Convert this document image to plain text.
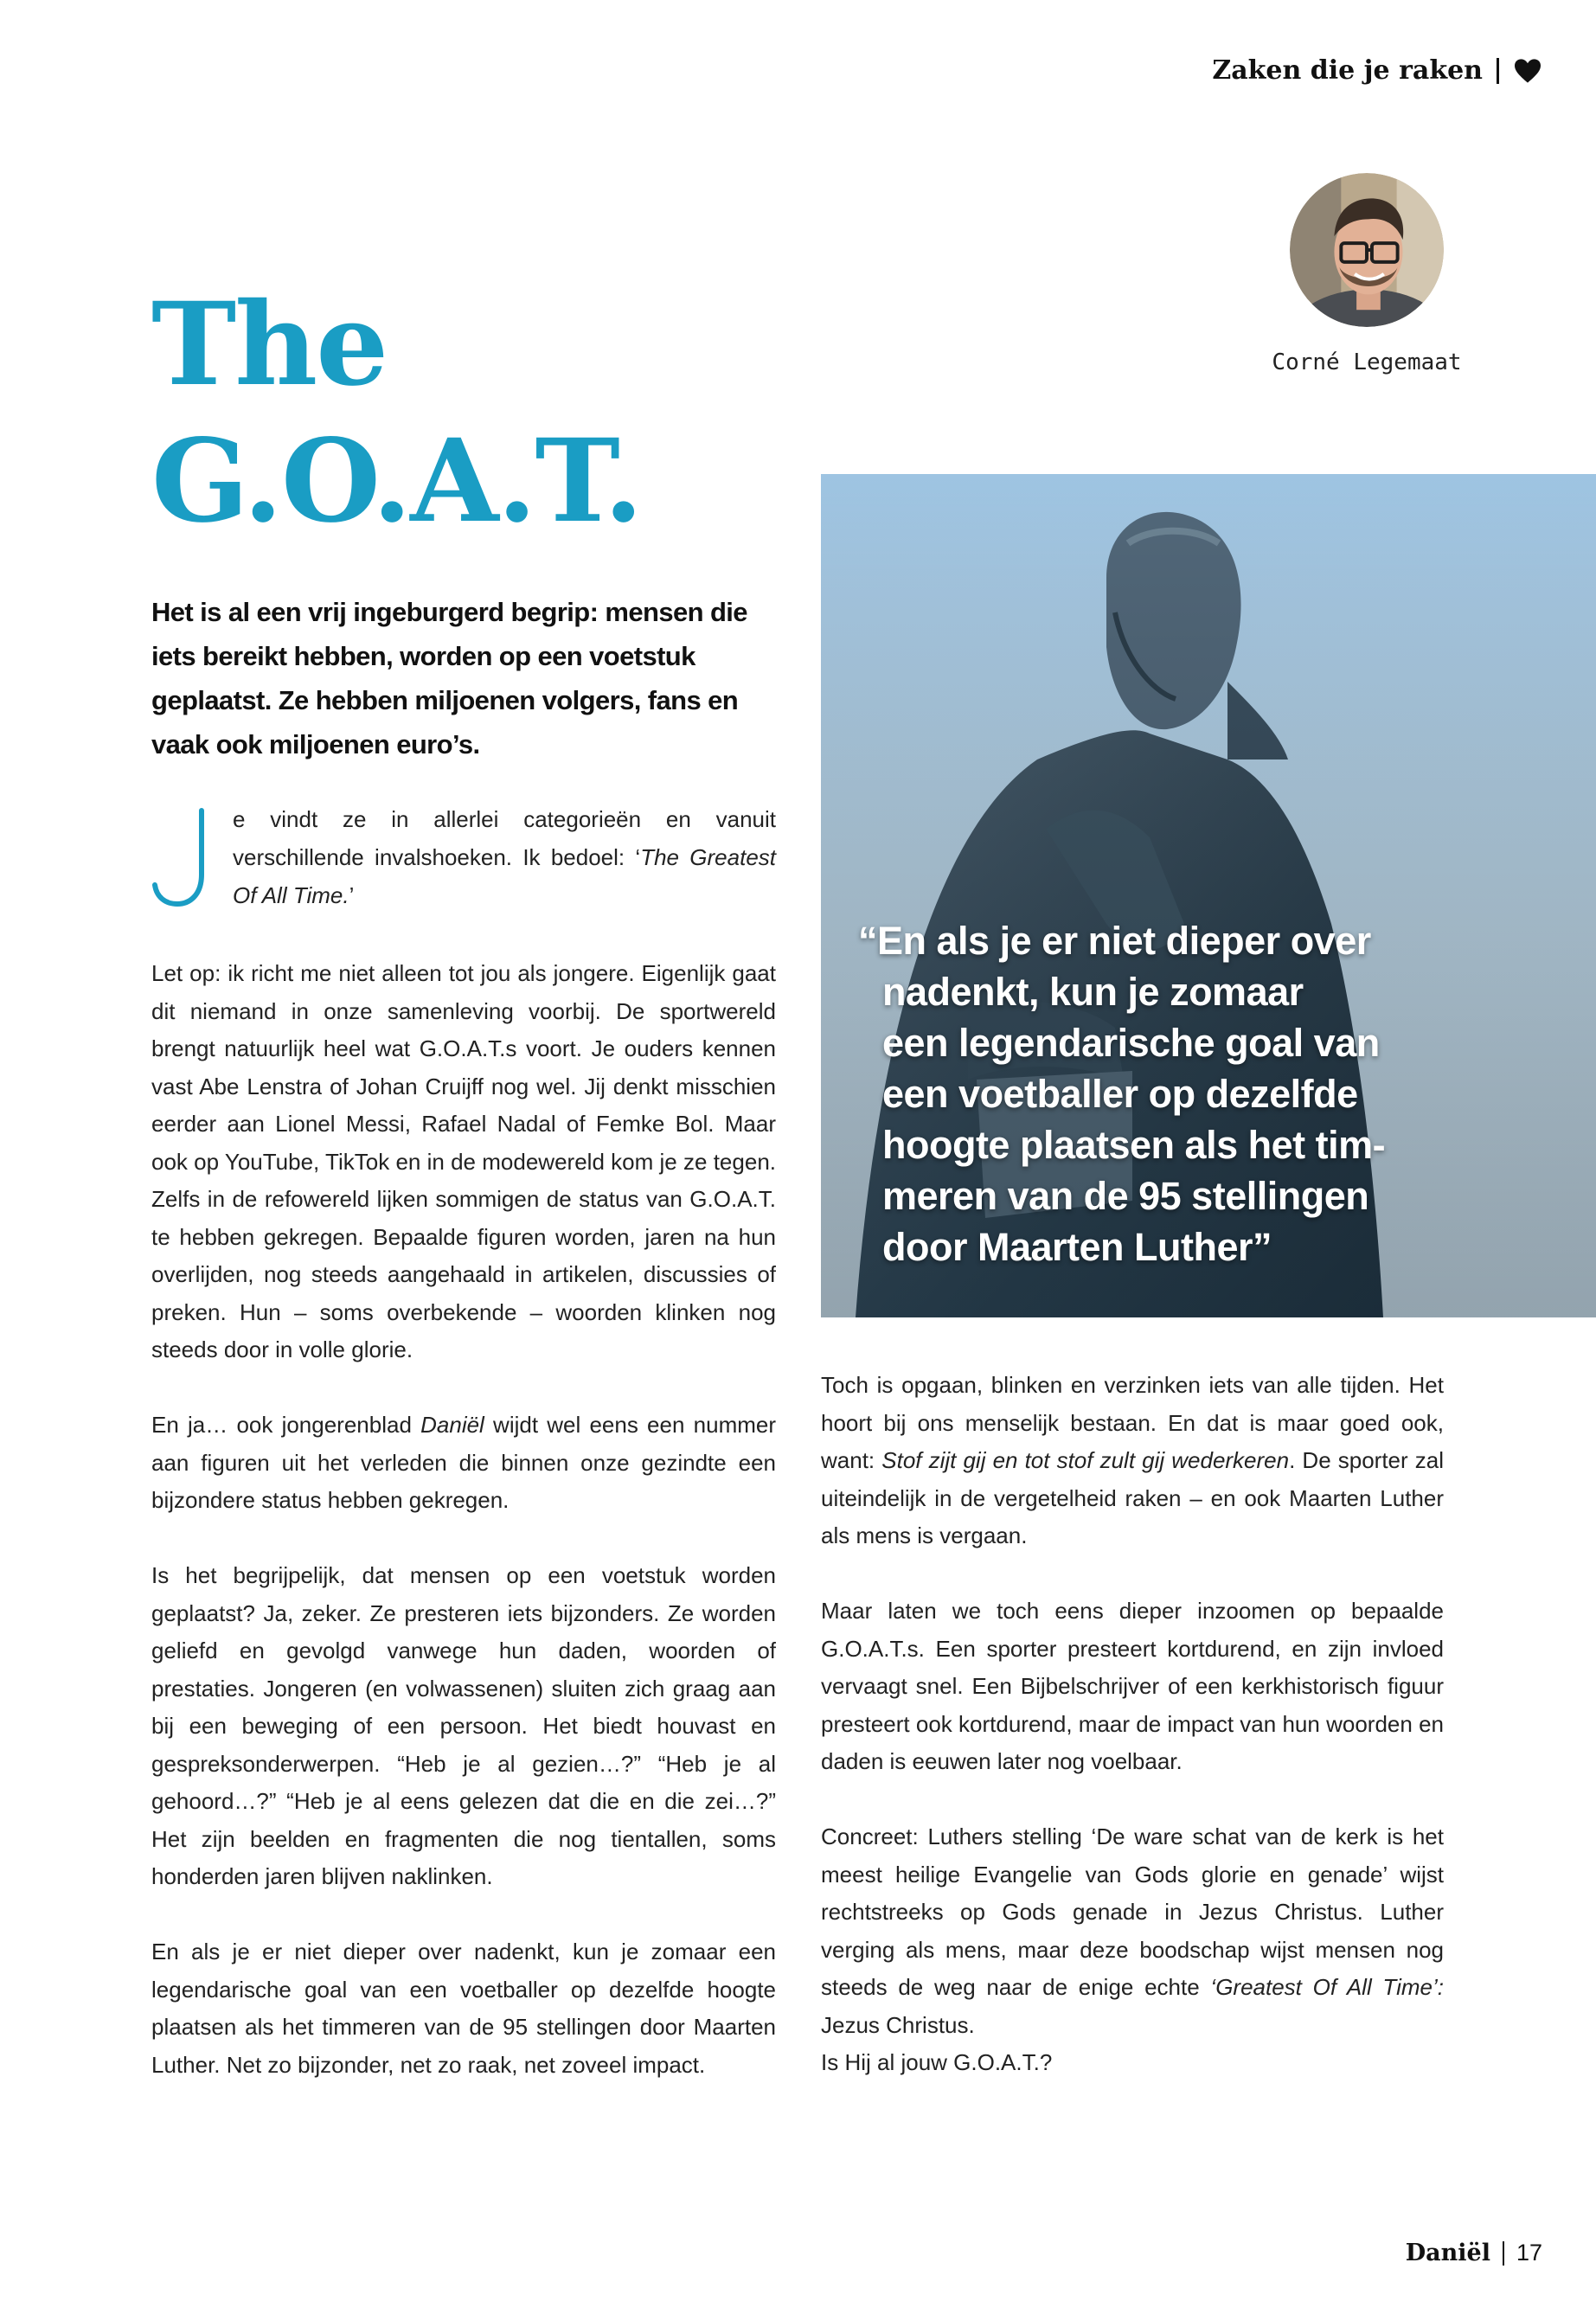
Zaken die je raken
Corné Legemaat
The
G.O.A.T.
Het is al een vrij ingeburgerd begrip: mensen die iets bereikt hebben, worden op een voetstuk geplaatst. Ze hebben miljoenen volgers, fans en vaak ook miljoenen euro’s.
e vindt ze in allerlei categorieën en vanuit verschillende invalshoeken. Ik bedoel: ‘The Greatest Of All Time.’

Let op: ik richt me niet alleen tot jou als jongere. Eigenlijk gaat dit niemand in onze samenleving voorbij. De sportwereld brengt natuurlijk heel wat G.O.A.T.s voort. Je ouders kennen vast Abe Lenstra of Johan Cruijff nog wel. Jij denkt misschien eerder aan Lionel Messi, Rafael Nadal of Femke Bol. Maar ook op YouTube, TikTok en in de modewereld kom je ze tegen. Zelfs in de refowereld lijken sommigen de status van G.O.A.T. te hebben gekregen. Bepaalde figuren worden, jaren na hun overlijden, nog steeds aangehaald in artikelen, discussies of preken. Hun – soms overbekende – woorden klinken nog steeds door in volle glorie.

En ja… ook jongerenblad Daniël wijdt wel eens een nummer aan figuren uit het verleden die binnen onze gezindte een bijzondere status hebben gekregen.

Is het begrijpelijk, dat mensen op een voetstuk worden geplaatst? Ja, zeker. Ze presteren iets bijzonders. Ze worden geliefd en gevolgd vanwege hun daden, woorden of prestaties. Jongeren (en volwassenen) sluiten zich graag aan bij een beweging of een persoon. Het biedt houvast en gespreksonderwerpen. “Heb je al gezien…?” “Heb je al gehoord…?” “Heb je al eens gelezen dat die en die zei…?” Het zijn beelden en fragmenten die nog tientallen, soms honderden jaren blijven naklinken.

En als je er niet dieper over nadenkt, kun je zomaar een legendarische goal van een voetballer op dezelfde hoogte plaatsen als het timmeren van de 95 stellingen door Maarten Luther. Net zo bijzonder, net zo raak, net zoveel impact.

“En als je er niet dieper over
nadenkt, kun je zomaar
een legendarische goal van
een voetballer op dezelfde
hoogte plaatsen als het tim-
meren van de 95 stellingen
door Maarten Luther”

Toch is opgaan, blinken en verzinken iets van alle tijden. Het hoort bij ons menselijk bestaan. En dat is maar goed ook, want: Stof zijt gij en tot stof zult gij wederkeren. De sporter zal uiteindelijk in de vergetelheid raken – en ook Maarten Luther als mens is vergaan.

Maar laten we toch eens dieper inzoomen op bepaalde G.O.A.T.s. Een sporter presteert kortdurend, en zijn invloed vervaagt snel. Een Bijbelschrijver of een kerkhistorisch figuur presteert ook kortdurend, maar de impact van hun woorden en daden is eeuwen later nog voelbaar.

Concreet: Luthers stelling ‘De ware schat van de kerk is het meest heilige Evangelie van Gods glorie en genade’ wijst rechtstreeks op Gods genade in Jezus Christus. Luther verging als mens, maar deze boodschap wijst mensen nog steeds de weg naar de enige echte ‘Greatest Of All Time’: Jezus Christus.

Is Hij al jouw G.O.A.T.?

Daniël 17
